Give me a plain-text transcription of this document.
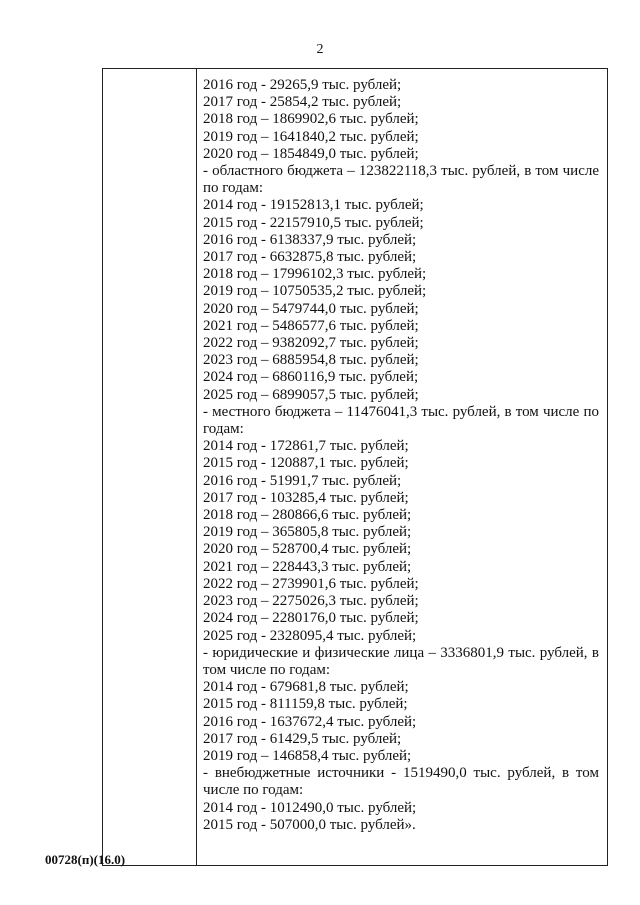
2
2016 год - 29265,9 тыс. рублей;
2017 год - 25854,2 тыс. рублей;
2018 год – 1869902,6 тыс. рублей;
2019 год – 1641840,2 тыс. рублей;
2020 год – 1854849,0 тыс. рублей;
- областного бюджета – 123822118,3 тыс. рублей, в том числе по годам:
2014 год - 19152813,1 тыс. рублей;
2015 год - 22157910,5 тыс. рублей;
2016 год - 6138337,9 тыс. рублей;
2017 год - 6632875,8 тыс. рублей;
2018 год – 17996102,3 тыс. рублей;
2019 год – 10750535,2 тыс. рублей;
2020 год – 5479744,0 тыс. рублей;
2021 год – 5486577,6 тыс. рублей;
2022 год – 9382092,7 тыс. рублей;
2023 год – 6885954,8 тыс. рублей;
2024 год – 6860116,9 тыс. рублей;
2025 год – 6899057,5 тыс. рублей;
- местного бюджета – 11476041,3 тыс. рублей, в том числе по годам:
2014 год - 172861,7 тыс. рублей;
2015 год - 120887,1 тыс. рублей;
2016 год - 51991,7 тыс. рублей;
2017 год - 103285,4 тыс. рублей;
2018 год – 280866,6 тыс. рублей;
2019 год – 365805,8 тыс. рублей;
2020 год – 528700,4 тыс. рублей;
2021 год – 228443,3 тыс. рублей;
2022 год – 2739901,6 тыс. рублей;
2023 год – 2275026,3 тыс. рублей;
2024 год – 2280176,0 тыс. рублей;
2025 год - 2328095,4 тыс. рублей;
- юридические и физические лица – 3336801,9 тыс. рублей, в том числе по годам:
2014 год - 679681,8 тыс. рублей;
2015 год - 811159,8 тыс. рублей;
2016 год - 1637672,4 тыс. рублей;
2017 год - 61429,5 тыс. рублей;
2019 год – 146858,4 тыс. рублей;
- внебюджетные источники - 1519490,0 тыс. рублей, в том числе по годам:
2014 год - 1012490,0 тыс. рублей;
2015 год - 507000,0 тыс. рублей».
00728(п)(16.0)
